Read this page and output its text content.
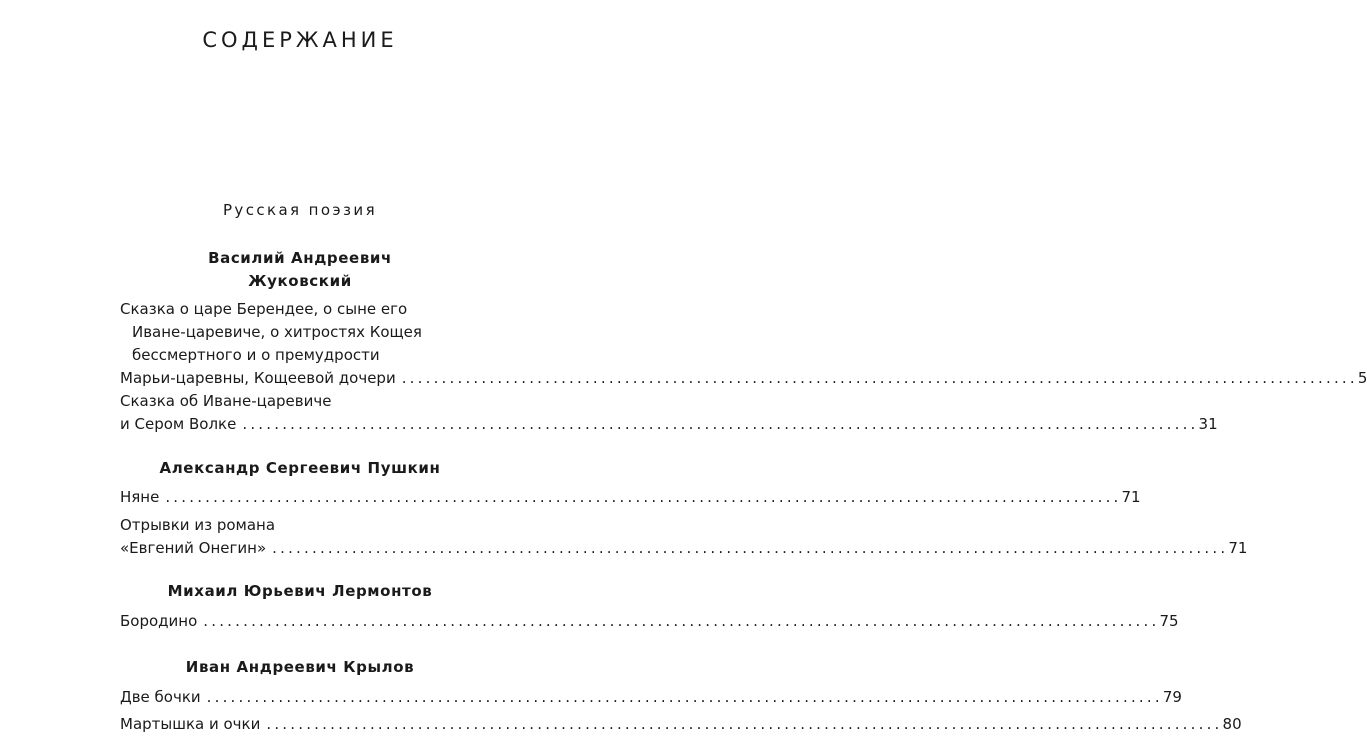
СОДЕРЖАНИЕ
Русская поэзия
Василий Андреевич
Жуковский
Сказка о царе Берендее, о сыне его
Иване-царевиче, о хитростях Кощея
бессмертного и о премудрости
Марьи-царевны, Кощеевой дочери ........................................................................................................................ 5
Сказка об Иване-царевиче
и Сером Волке ........................................................................................................................ 31
Александр Сергеевич Пушкин
Няне ........................................................................................................................ 71
Отрывки из романа
«Евгений Онегин» ........................................................................................................................ 71
Михаил Юрьевич Лермонтов
Бородино ........................................................................................................................ 75
Иван Андреевич Крылов
Две бочки ........................................................................................................................ 79
Мартышка и очки ........................................................................................................................ 80
